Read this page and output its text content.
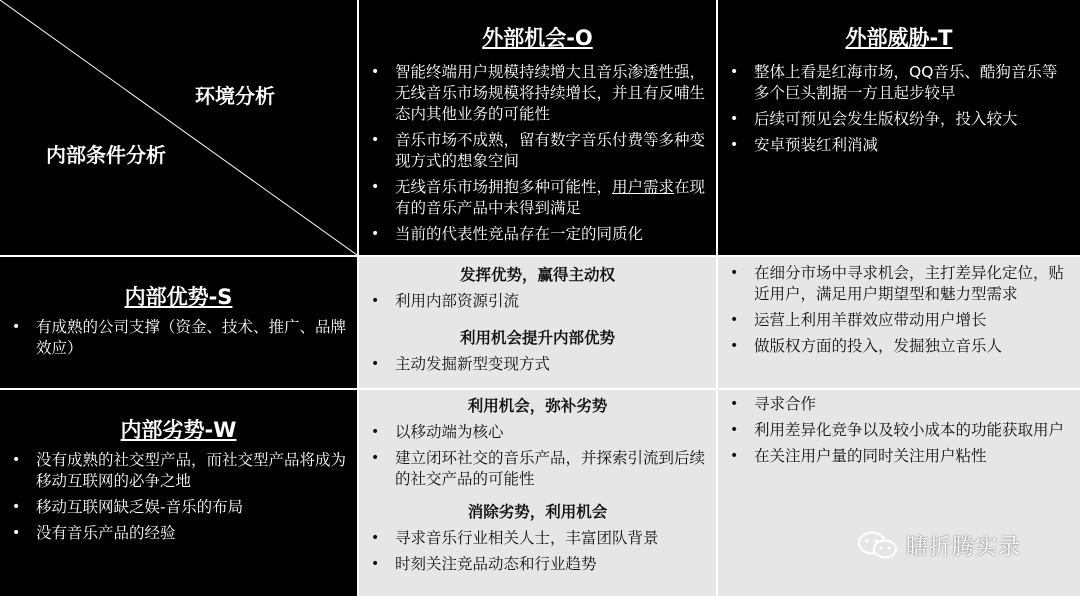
环境分析
内部条件分析
外部机会-O
• 智能终端用户规模持续增大且音乐渗透性强，无线音乐市场规模将持续增长，并且有反哺生态内其他业务的可能性
• 音乐市场不成熟，留有数字音乐付费等多种变现方式的想象空间
• 无线音乐市场拥抱多种可能性，用户需求在现有的音乐产品中未得到满足
• 当前的代表性竞品存在一定的同质化
外部威胁-T
• 整体上看是红海市场，QQ音乐、酷狗音乐等多个巨头割据一方且起步较早
• 后续可预见会发生版权纷争，投入较大
• 安卓预装红利消减
内部优势-S
• 有成熟的公司支撑（资金、技术、推广、品牌效应）
发挥优势，赢得主动权
• 利用内部资源引流
利用机会提升内部优势
• 主动发掘新型变现方式
• 在细分市场中寻求机会，主打差异化定位，贴近用户，满足用户期望型和魅力型需求
• 运营上利用羊群效应带动用户增长
• 做版权方面的投入，发掘独立音乐人
内部劣势-W
• 没有成熟的社交型产品，而社交型产品将成为移动互联网的必争之地
• 移动互联网缺乏娱-音乐的布局
• 没有音乐产品的经验
利用机会，弥补劣势
• 以移动端为核心
• 建立闭环社交的音乐产品，并探索引流到后续的社交产品的可能性
消除劣势，利用机会
• 寻求音乐行业相关人士，丰富团队背景
• 时刻关注竞品动态和行业趋势
• 寻求合作
• 利用差异化竞争以及较小成本的功能获取用户
• 在关注用户量的同时关注用户粘性
瞎折腾实录
